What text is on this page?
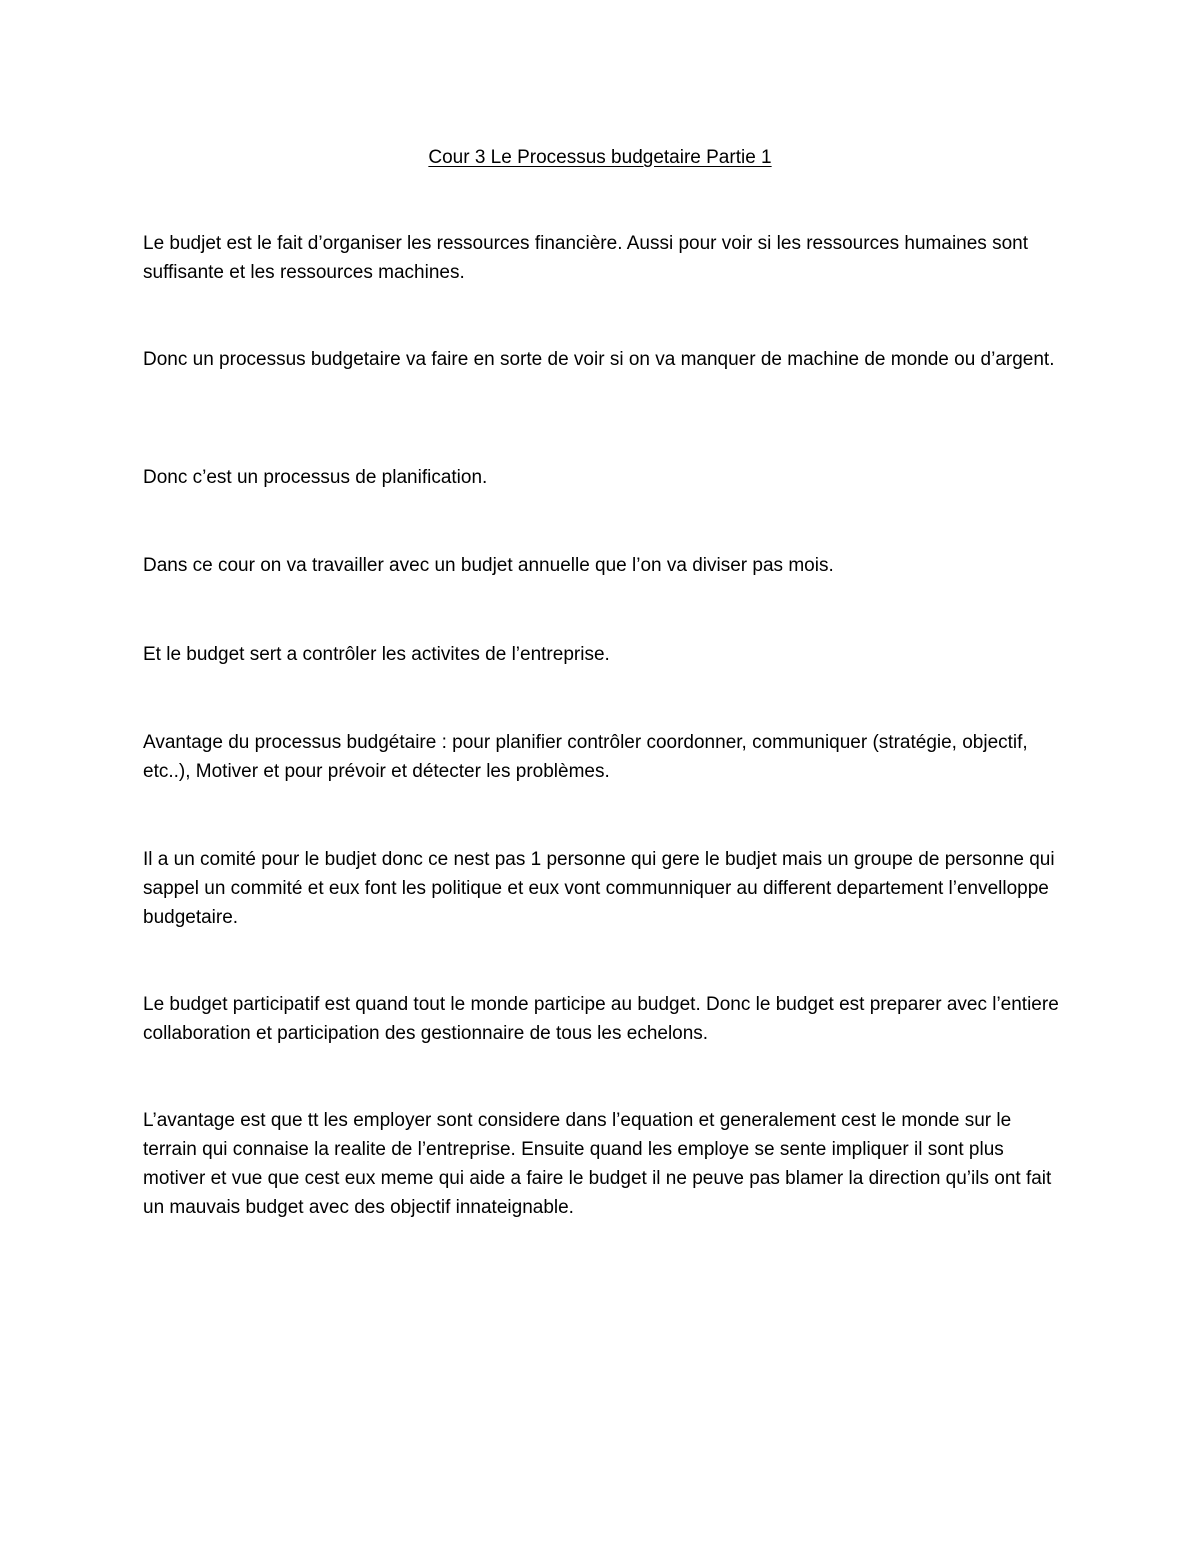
Cour 3 Le Processus budgetaire Partie 1

Le budjet est le fait d’organiser les ressources financière. Aussi pour voir si les ressources humaines sont suffisante et les ressources machines.

Donc un processus budgetaire va faire en sorte de voir si on va manquer de machine de monde ou d’argent.

Donc c’est un processus de planification.

Dans ce cour on va travailler avec un budjet annuelle que l’on va diviser pas mois.

Et le budget sert a contrôler les activites de l’entreprise.

Avantage du processus budgétaire : pour planifier contrôler coordonner, communiquer (stratégie, objectif, etc..), Motiver et pour prévoir et détecter les problèmes.

Il a un comité pour le budjet donc ce nest pas 1 personne qui gere le budjet mais un groupe de personne qui sappel un commité et eux font les politique et eux vont communniquer au different departement l’envelloppe budgetaire.

Le budget participatif est quand tout le monde participe au budget. Donc le budget est preparer avec l’entiere collaboration et participation des gestionnaire de tous les echelons.

L’avantage est que tt les employer sont considere dans l’equation et generalement cest le monde sur le terrain qui connaise la realite de l’entreprise. Ensuite quand les employe se sente impliquer il sont plus motiver et vue que cest eux meme qui aide a faire le budget il ne peuve pas blamer la direction qu’ils ont fait un mauvais budget avec des objectif innateignable.
